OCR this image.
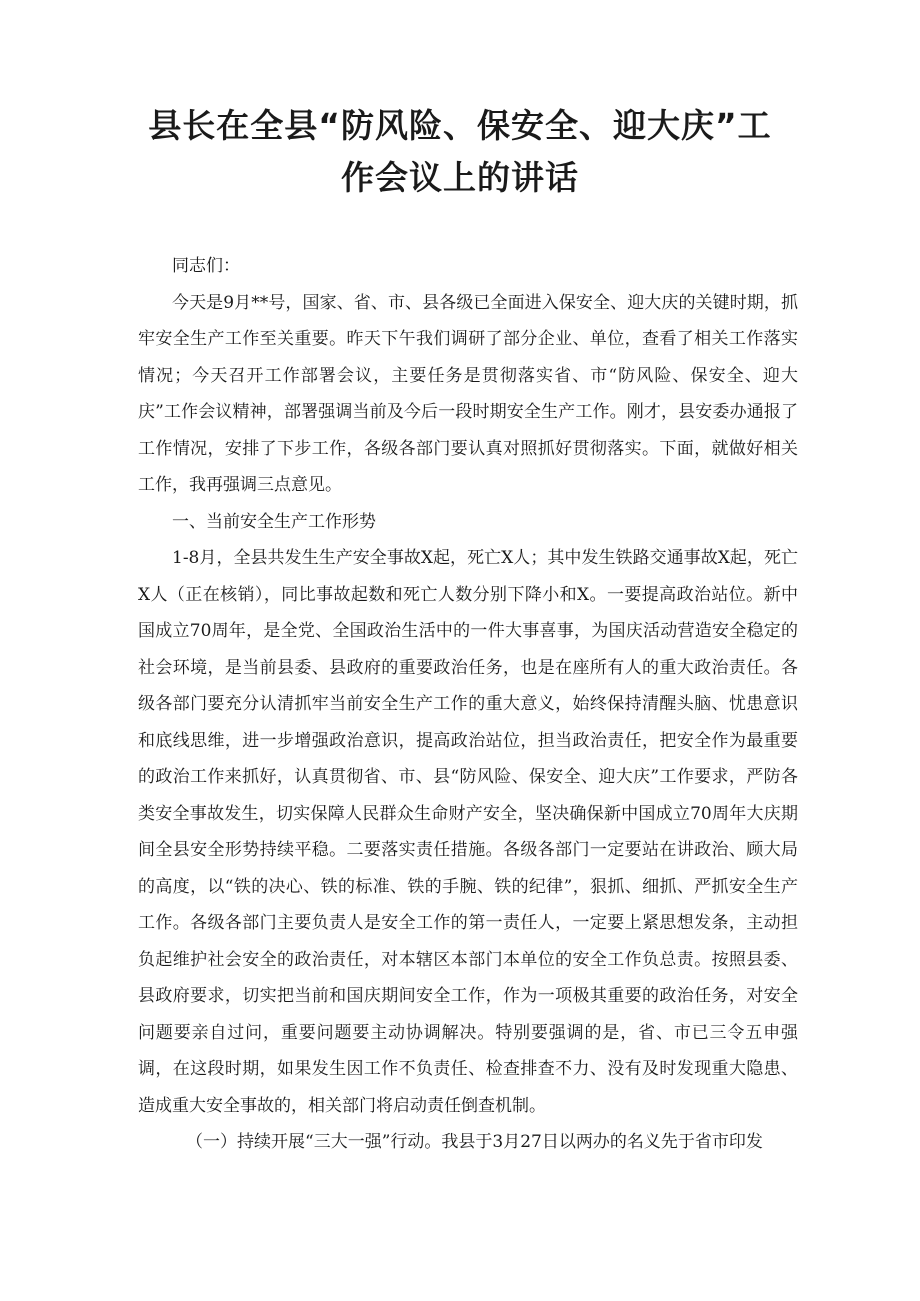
县长在全县“防风险、保安全、迎大庆”工
作会议上的讲话

同志们：

今天是9月**号，国家、省、市、县各级已全面进入保安全、迎大庆的关键时期，抓牢安全生产工作至关重要。昨天下午我们调研了部分企业、单位，查看了相关工作落实情况；今天召开工作部署会议，主要任务是贯彻落实省、市“防风险、保安全、迎大庆”工作会议精神，部署强调当前及今后一段时期安全生产工作。刚才，县安委办通报了工作情况，安排了下步工作，各级各部门要认真对照抓好贯彻落实。下面，就做好相关工作，我再强调三点意见。

一、当前安全生产工作形势

1-8月，全县共发生生产安全事故X起，死亡X人；其中发生铁路交通事故X起，死亡X人（正在核销），同比事故起数和死亡人数分别下降小和X。一要提高政治站位。新中国成立70周年，是全党、全国政治生活中的一件大事喜事，为国庆活动营造安全稳定的社会环境，是当前县委、县政府的重要政治任务，也是在座所有人的重大政治责任。各级各部门要充分认清抓牢当前安全生产工作的重大意义，始终保持清醒头脑、忧患意识和底线思维，进一步增强政治意识，提高政治站位，担当政治责任，把安全作为最重要的政治工作来抓好，认真贯彻省、市、县“防风险、保安全、迎大庆”工作要求，严防各类安全事故发生，切实保障人民群众生命财产安全，坚决确保新中国成立70周年大庆期间全县安全形势持续平稳。二要落实责任措施。各级各部门一定要站在讲政治、顾大局的高度，以“铁的决心、铁的标准、铁的手腕、铁的纪律”，狠抓、细抓、严抓安全生产工作。各级各部门主要负责人是安全工作的第一责任人，一定要上紧思想发条，主动担负起维护社会安全的政治责任，对本辖区本部门本单位的安全工作负总责。按照县委、县政府要求，切实把当前和国庆期间安全工作，作为一项极其重要的政治任务，对安全问题要亲自过问，重要问题要主动协调解决。特别要强调的是，省、市已三令五申强调，在这段时期，如果发生因工作不负责任、检查排查不力、没有及时发现重大隐患、造成重大安全事故的，相关部门将启动责任倒查机制。

（一）持续开展“三大一强”行动。我县于3月27日以两办的名义先于省市印发
